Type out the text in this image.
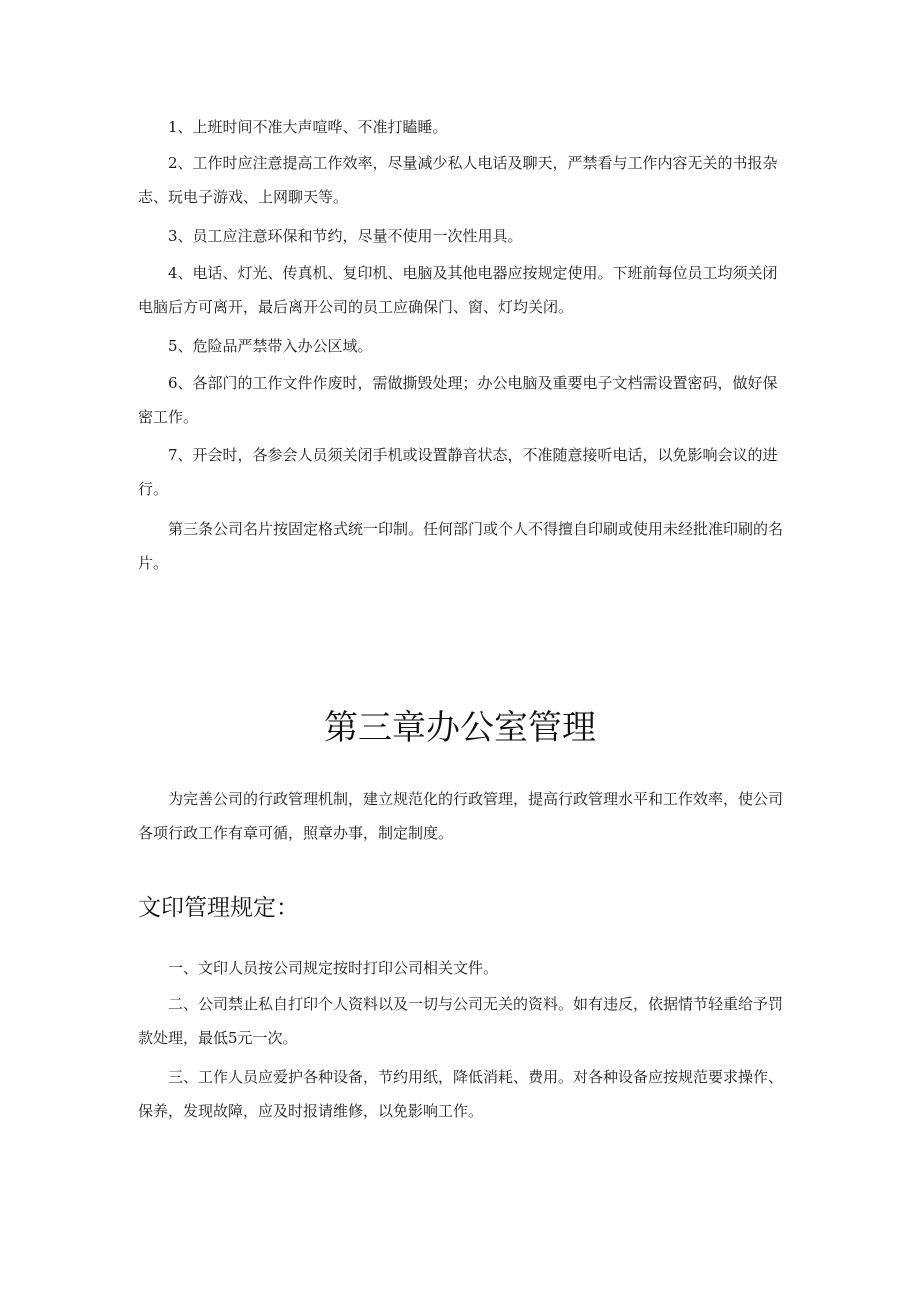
1、上班时间不准大声喧哗、不准打瞌睡。

2、工作时应注意提高工作效率，尽量减少私人电话及聊天，严禁看与工作内容无关的书报杂志、玩电子游戏、上网聊天等。

3、员工应注意环保和节约，尽量不使用一次性用具。

4、电话、灯光、传真机、复印机、电脑及其他电器应按规定使用。下班前每位员工均须关闭电脑后方可离开，最后离开公司的员工应确保门、窗、灯均关闭。

5、危险品严禁带入办公区域。

6、各部门的工作文件作废时，需做撕毁处理；办公电脑及重要电子文档需设置密码，做好保密工作。

7、开会时，各参会人员须关闭手机或设置静音状态，不准随意接听电话，以免影响会议的进行。

第三条公司名片按固定格式统一印制。任何部门或个人不得擅自印刷或使用未经批准印刷的名片。

第三章办公室管理

为完善公司的行政管理机制，建立规范化的行政管理，提高行政管理水平和工作效率，使公司各项行政工作有章可循，照章办事，制定制度。

文印管理规定：

一、文印人员按公司规定按时打印公司相关文件。

二、公司禁止私自打印个人资料以及一切与公司无关的资料。如有违反，依据情节轻重给予罚款处理，最低5元一次。

三、工作人员应爱护各种设备，节约用纸，降低消耗、费用。对各种设备应按规范要求操作、保养，发现故障，应及时报请维修，以免影响工作。
